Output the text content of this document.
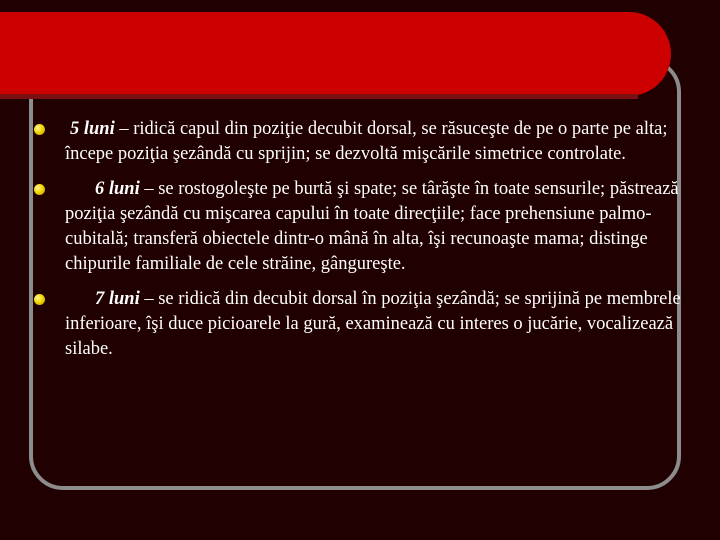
5 luni – ridică capul din poziţie decubit dorsal, se răsuceşte de pe o parte pe alta; începe poziţia şezândă cu sprijin; se dezvoltă mişcările simetrice controlate.
6 luni – se rostogoleşte pe burtă şi spate; se târăşte în toate sensurile; păstrează poziţia şezândă cu mişcarea capului în toate direcţiile; face prehensiune palmo-cubitală; transferă obiectele dintr-o mână în alta, îşi recunoaşte mama; distinge chipurile familiale de cele străine, gângureşte.
7 luni – se ridică din decubit dorsal în poziţia şezândă; se sprijină pe membrele inferioare, îşi duce picioarele la gură, examinează cu interes o jucărie, vocalizează silabe.
